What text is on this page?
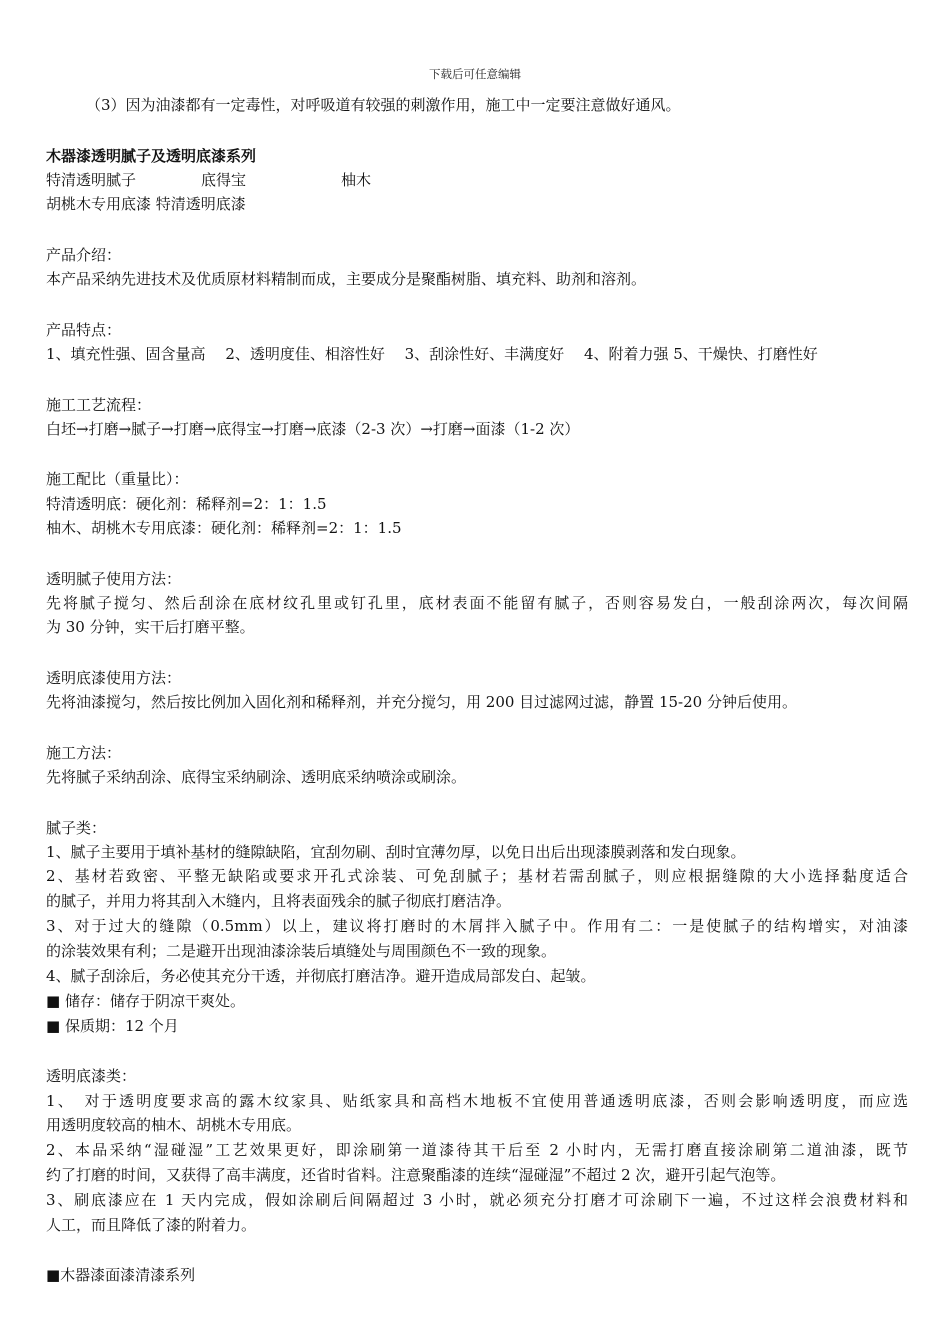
下载后可任意编辑
（3）因为油漆都有一定毒性，对呼吸道有较强的刺激作用，施工中一定要注意做好通风。
木器漆透明腻子及透明底漆系列
特清透明腻子	底得宝	柚木
胡桃木专用底漆 特清透明底漆
产品介绍：
本产品采纳先进技术及优质原材料精制而成，主要成分是聚酯树脂、填充料、助剂和溶剂。
产品特点：
1、填充性强、固含量高　 2、透明度佳、相溶性好　 3、刮涂性好、丰满度好　 4、附着力强 5、干燥快、打磨性好
施工工艺流程：
白坯→打磨→腻子→打磨→底得宝→打磨→底漆（2-3 次）→打磨→面漆（1-2 次）
施工配比（重量比）：
特清透明底：硬化剂：稀释剂=2：1：1.5
柚木、胡桃木专用底漆：硬化剂：稀释剂=2：1：1.5
透明腻子使用方法：
先将腻子搅匀、然后刮涂在底材纹孔里或钉孔里，底材表面不能留有腻子，否则容易发白，一般刮涂两次，每次间隔
为 30 分钟，实干后打磨平整。
透明底漆使用方法：
先将油漆搅匀，然后按比例加入固化剂和稀释剂，并充分搅匀，用 200 目过滤网过滤，静置 15-20 分钟后使用。
施工方法：
先将腻子采纳刮涂、底得宝采纳刷涂、透明底采纳喷涂或刷涂。
腻子类：
1、腻子主要用于填补基材的缝隙缺陷，宜刮勿刷、刮时宜薄勿厚，以免日出后出现漆膜剥落和发白现象。
2、基材若致密、平整无缺陷或要求开孔式涂装、可免刮腻子；基材若需刮腻子，则应根据缝隙的大小选择黏度适合
的腻子，并用力将其刮入木缝内，且将表面残余的腻子彻底打磨洁净。
3、对于过大的缝隙（0.5mm）以上，建议将打磨时的木屑拌入腻子中。作用有二：一是使腻子的结构增实，对油漆
的涂装效果有利；二是避开出现油漆涂装后填缝处与周围颜色不一致的现象。
4、腻子刮涂后，务必使其充分干透，并彻底打磨洁净。避开造成局部发白、起皱。
■ 储存：储存于阴凉干爽处。
■ 保质期：12 个月
透明底漆类：
1、　对于透明度要求高的露木纹家具、贴纸家具和高档木地板不宜使用普通透明底漆，否则会影响透明度，而应选
用透明度较高的柚木、胡桃木专用底。
2、本品采纳“湿碰湿”工艺效果更好，即涂刷第一道漆待其干后至 2 小时内，无需打磨直接涂刷第二道油漆，既节
约了打磨的时间，又获得了高丰满度，还省时省料。注意聚酯漆的连续“湿碰湿”不超过 2 次，避开引起气泡等。
3、刷底漆应在 1 天内完成，假如涂刷后间隔超过 3 小时，就必须充分打磨才可涂刷下一遍，不过这样会浪费材料和
人工，而且降低了漆的附着力。
■木器漆面漆清漆系列
